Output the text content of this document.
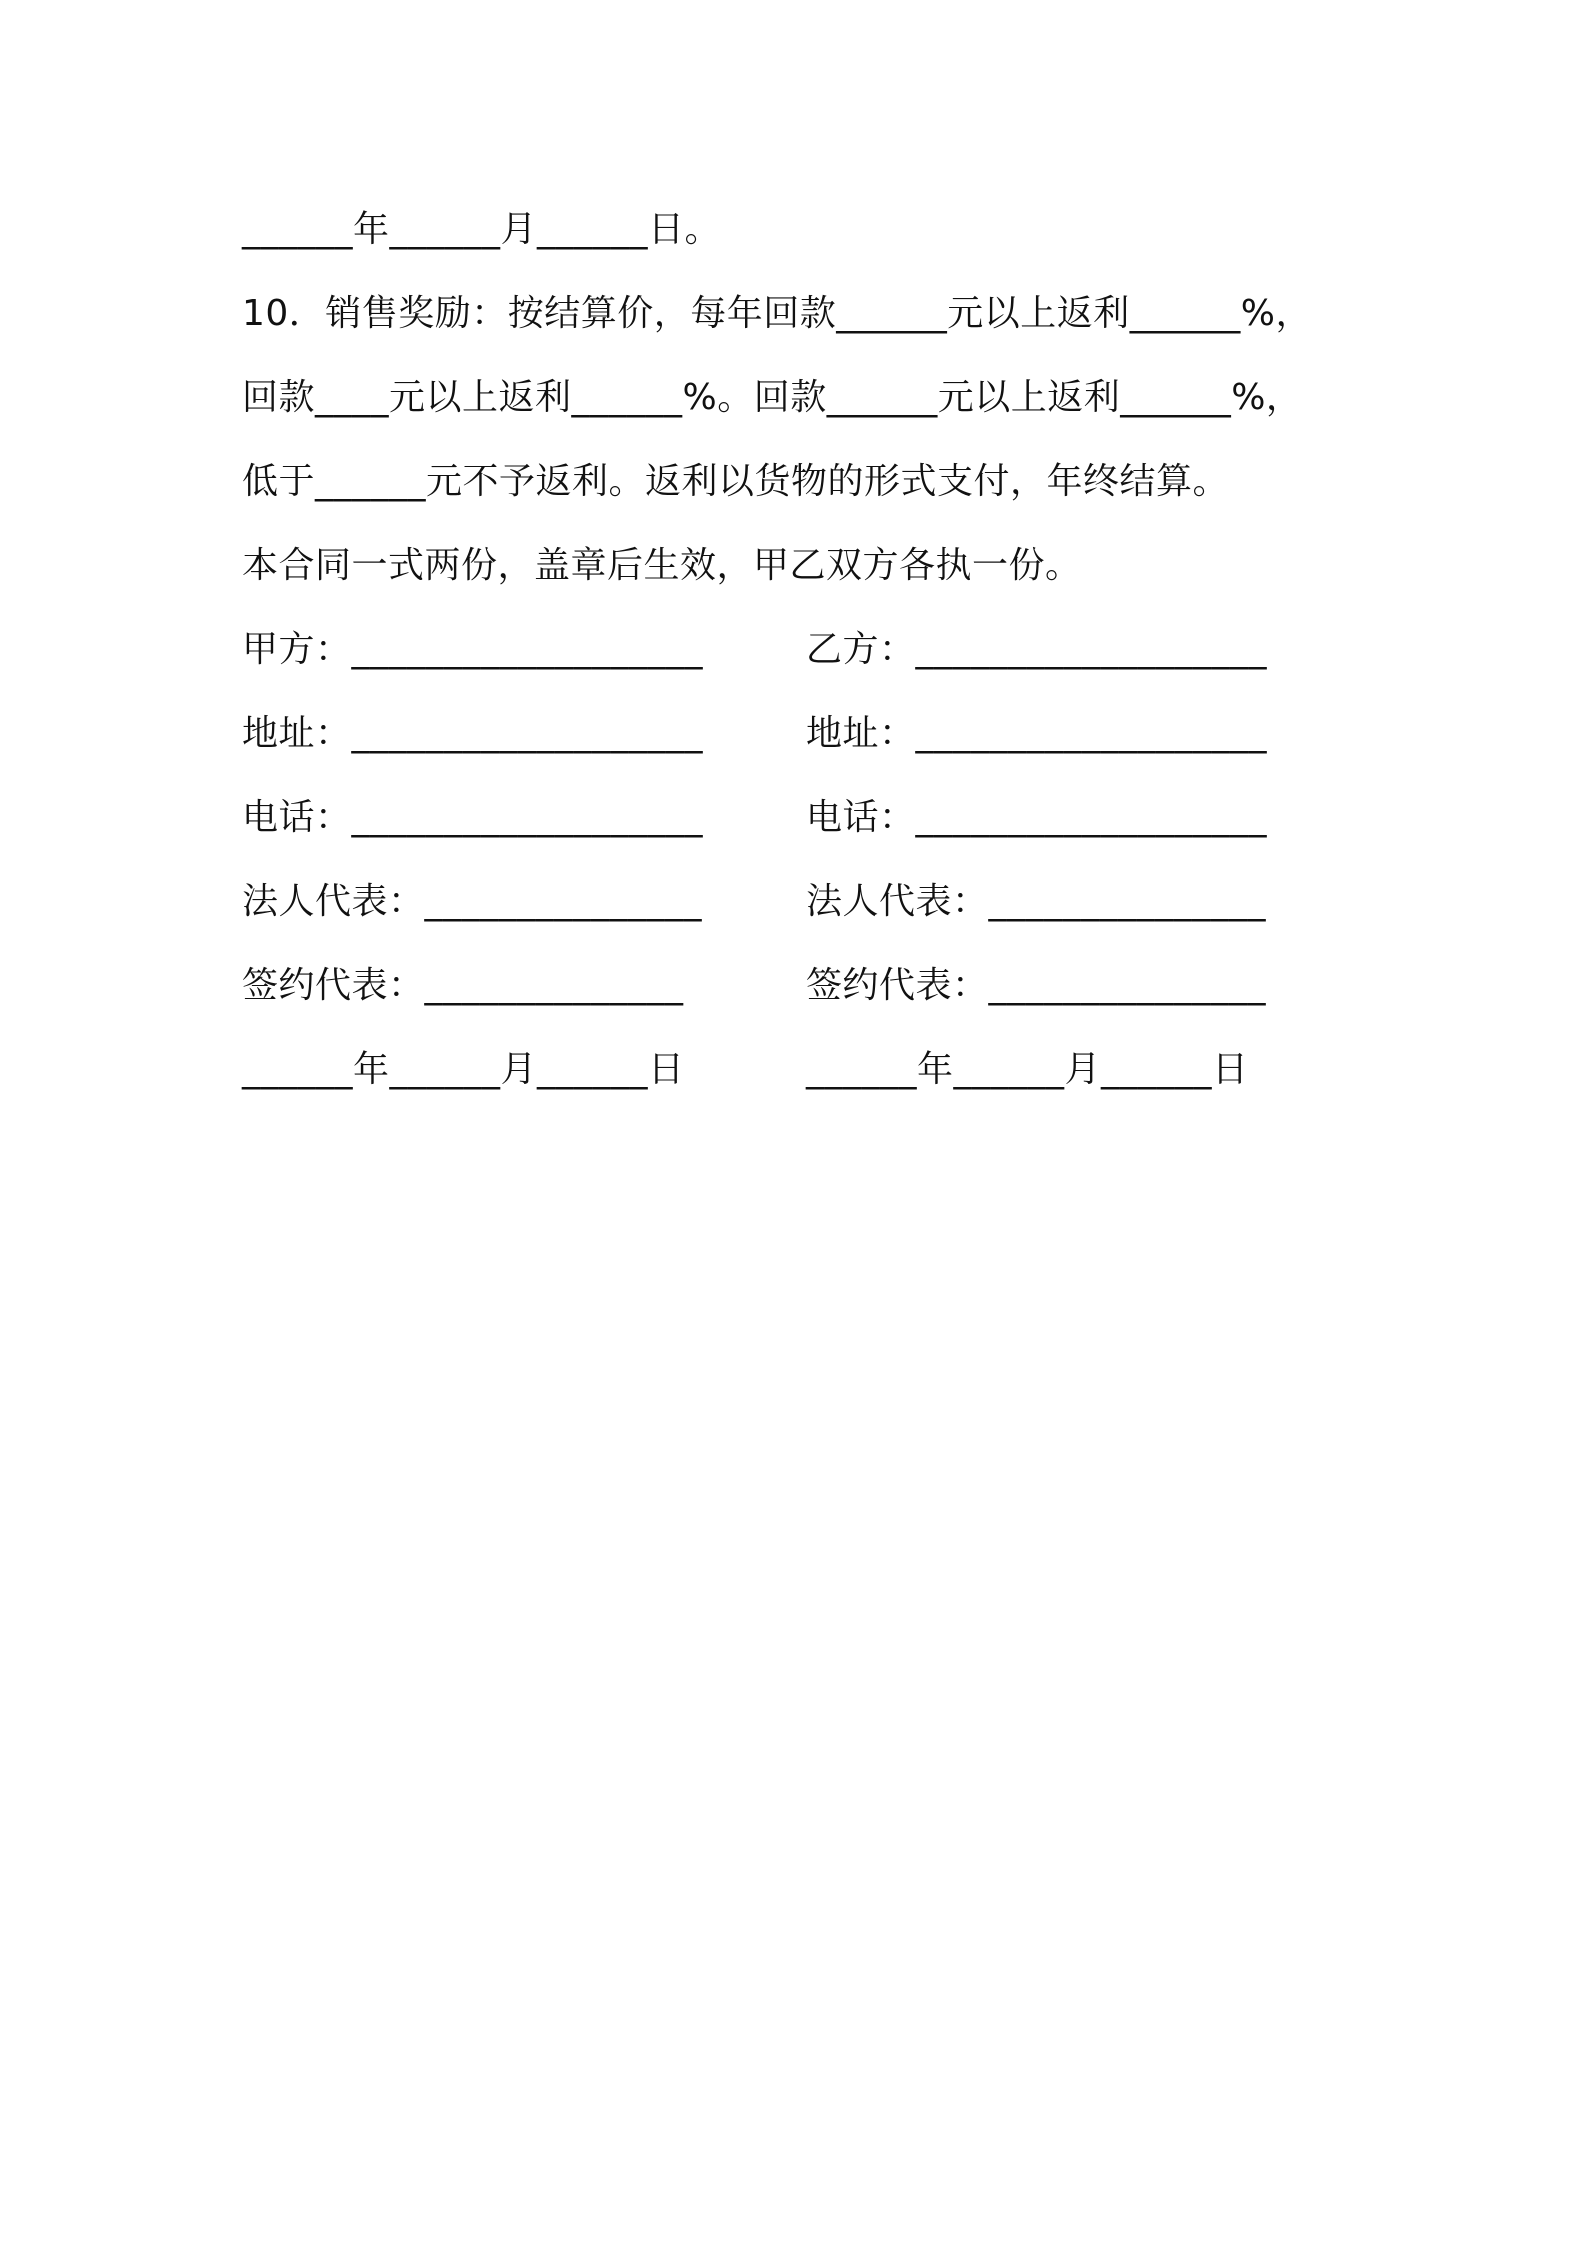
______年______月______日。
10．销售奖励：按结算价，每年回款______元以上返利______%，
回款____元以上返利______%。回款______元以上返利______%，
低于______元不予返利。返利以货物的形式支付，年终结算。
本合同一式两份，盖章后生效，甲乙双方各执一份。
甲方：___________________
地址：___________________
电话：___________________
法人代表：_______________
签约代表：______________
______年______月______日
乙方：___________________
地址：___________________
电话：___________________
法人代表：_______________
签约代表：_______________
______年______月______日
